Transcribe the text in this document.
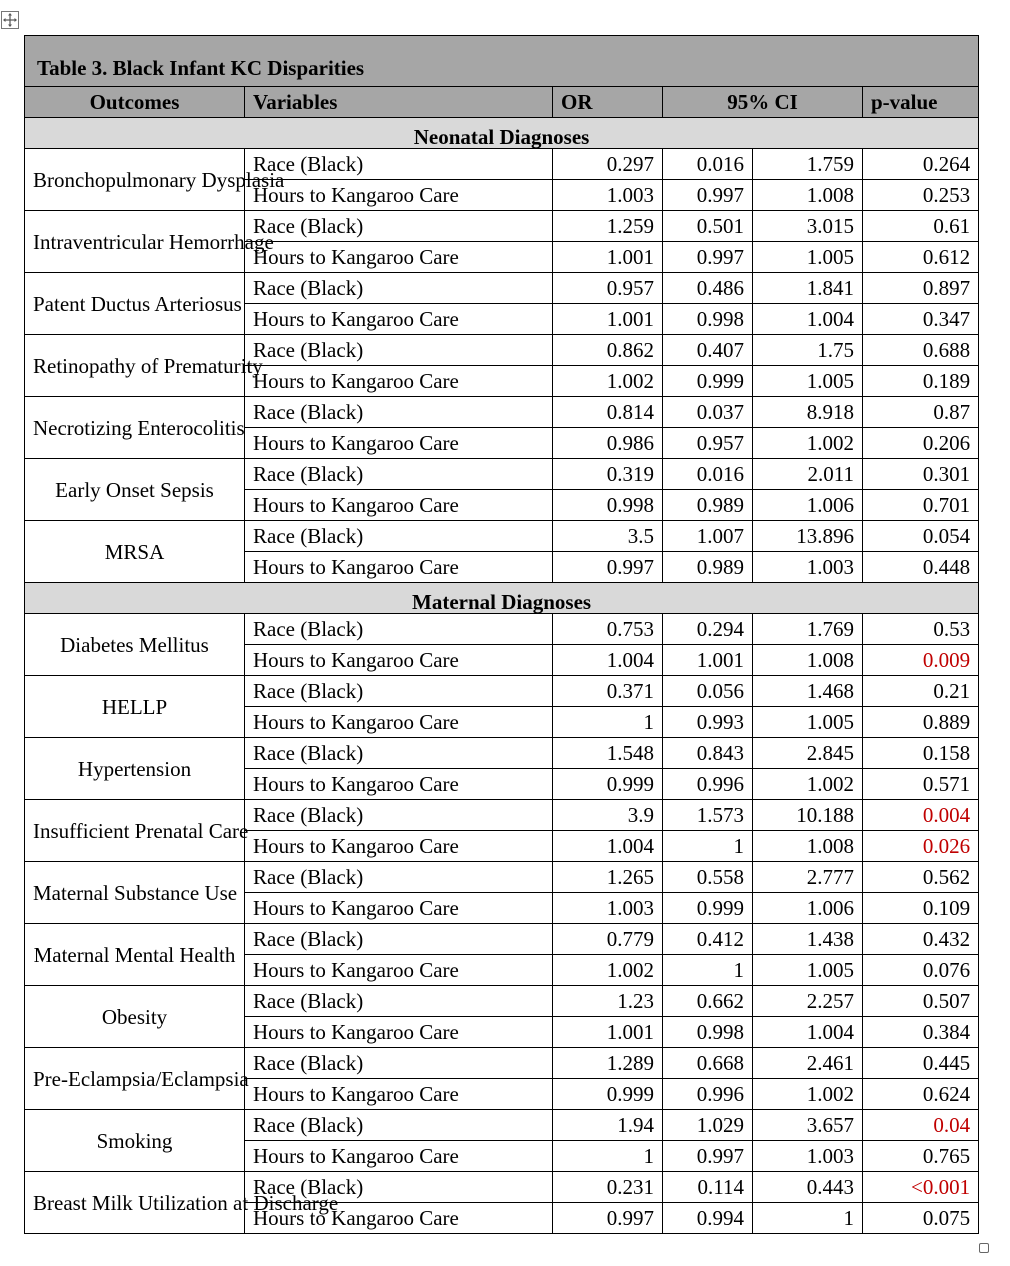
Table 3. Black Infant KC Disparities					
Outcomes	Variables	OR	95% CI		p-value
Neonatal Diagnoses					
Bronchopulmonary Dysplasia	Race (Black)	0.297	0.016	1.759	0.264
	Hours to Kangaroo Care	1.003	0.997	1.008	0.253
Intraventricular Hemorrhage	Race (Black)	1.259	0.501	3.015	0.61
	Hours to Kangaroo Care	1.001	0.997	1.005	0.612
Patent Ductus Arteriosus	Race (Black)	0.957	0.486	1.841	0.897
	Hours to Kangaroo Care	1.001	0.998	1.004	0.347
Retinopathy of Prematurity	Race (Black)	0.862	0.407	1.75	0.688
	Hours to Kangaroo Care	1.002	0.999	1.005	0.189
Necrotizing Enterocolitis	Race (Black)	0.814	0.037	8.918	0.87
	Hours to Kangaroo Care	0.986	0.957	1.002	0.206
Early Onset Sepsis	Race (Black)	0.319	0.016	2.011	0.301
	Hours to Kangaroo Care	0.998	0.989	1.006	0.701
MRSA	Race (Black)	3.5	1.007	13.896	0.054
	Hours to Kangaroo Care	0.997	0.989	1.003	0.448
Maternal Diagnoses					
Diabetes Mellitus	Race (Black)	0.753	0.294	1.769	0.53
	Hours to Kangaroo Care	1.004	1.001	1.008	0.009
HELLP	Race (Black)	0.371	0.056	1.468	0.21
	Hours to Kangaroo Care	1	0.993	1.005	0.889
Hypertension	Race (Black)	1.548	0.843	2.845	0.158
	Hours to Kangaroo Care	0.999	0.996	1.002	0.571
Insufficient Prenatal Care	Race (Black)	3.9	1.573	10.188	0.004
	Hours to Kangaroo Care	1.004	1	1.008	0.026
Maternal Substance Use	Race (Black)	1.265	0.558	2.777	0.562
	Hours to Kangaroo Care	1.003	0.999	1.006	0.109
Maternal Mental Health	Race (Black)	0.779	0.412	1.438	0.432
	Hours to Kangaroo Care	1.002	1	1.005	0.076
Obesity	Race (Black)	1.23	0.662	2.257	0.507
	Hours to Kangaroo Care	1.001	0.998	1.004	0.384
Pre-Eclampsia/Eclampsia	Race (Black)	1.289	0.668	2.461	0.445
	Hours to Kangaroo Care	0.999	0.996	1.002	0.624
Smoking	Race (Black)	1.94	1.029	3.657	0.04
	Hours to Kangaroo Care	1	0.997	1.003	0.765
Breast Milk Utilization at Discharge	Race (Black)	0.231	0.114	0.443	<0.001
	Hours to Kangaroo Care	0.997	0.994	1	0.075
